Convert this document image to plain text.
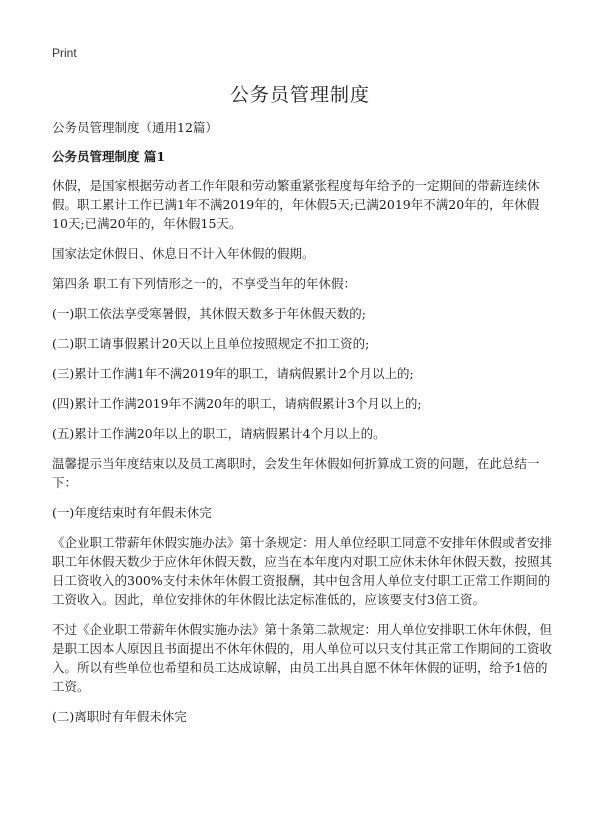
Print
公务员管理制度

公务员管理制度（通用12篇）

公务员管理制度 篇1

休假，是国家根据劳动者工作年限和劳动繁重紧张程度每年给予的一定期间的带薪连续休假。职工累计工作已满1年不满2019年的，年休假5天;已满2019年不满20年的，年休假10天;已满20年的，年休假15天。

国家法定休假日、休息日不计入年休假的假期。

第四条 职工有下列情形之一的，不享受当年的年休假：

(一)职工依法享受寒暑假，其休假天数多于年休假天数的;

(二)职工请事假累计20天以上且单位按照规定不扣工资的;

(三)累计工作满1年不满2019年的职工，请病假累计2个月以上的;

(四)累计工作满2019年不满20年的职工，请病假累计3个月以上的;

(五)累计工作满20年以上的职工，请病假累计4个月以上的。

温馨提示当年度结束以及员工离职时，会发生年休假如何折算成工资的问题，在此总结一下：

(一)年度结束时有年假未休完

《企业职工带薪年休假实施办法》第十条规定：用人单位经职工同意不安排年休假或者安排职工年休假天数少于应休年休假天数，应当在本年度内对职工应休未休年休假天数，按照其日工资收入的300%支付未休年休假工资报酬，其中包含用人单位支付职工正常工作期间的工资收入。因此，单位安排休的年休假比法定标准低的，应该要支付3倍工资。

不过《企业职工带薪年休假实施办法》第十条第二款规定：用人单位安排职工休年休假，但是职工因本人原因且书面提出不休年休假的，用人单位可以只支付其正常工作期间的工资收入。所以有些单位也希望和员工达成谅解，由员工出具自愿不休年休假的证明，给予1倍的工资。

(二)离职时有年假未休完
